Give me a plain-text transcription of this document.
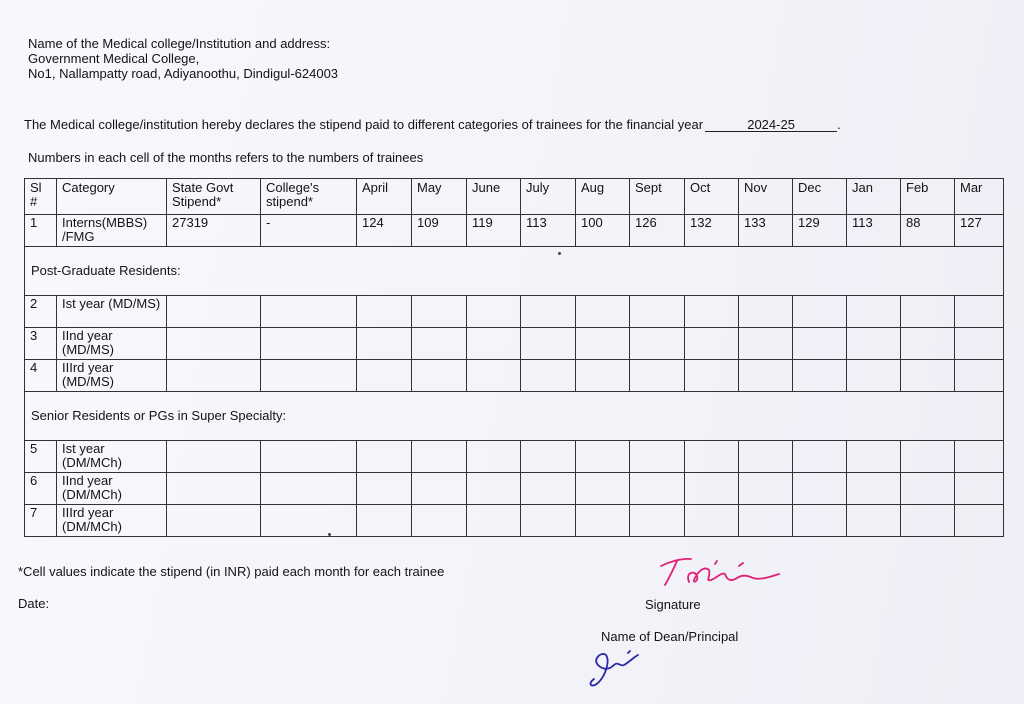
Name of the Medical college/Institution and address:
Government Medical College,
No1, Nallampatty road, Adiyanoothu, Dindigul-624003
The Medical college/institution hereby declares the stipend paid to different categories of trainees for the financial year	2024-25	.
Numbers in each cell of the months refers to the numbers of trainees
Sl #	Category	State Govt Stipend*	College's stipend*	April	May	June	July	Aug	Sept	Oct	Nov	Dec	Jan	Feb	Mar
1	Interns(MBBS) /FMG	27319	-	124	109	119	113	100	126	132	133	129	113	88	127
Post-Graduate Residents:															
2	Ist year (MD/MS)														
3	IInd year (MD/MS)														
4	IIIrd year (MD/MS)														
Senior Residents or PGs in Super Specialty:															
5	Ist year (DM/MCh)														
6	IInd year (DM/MCh)														
7	IIIrd year (DM/MCh)														
*Cell values indicate the stipend (in INR) paid each month for each trainee
Date:	Signature
Name of Dean/Principal
